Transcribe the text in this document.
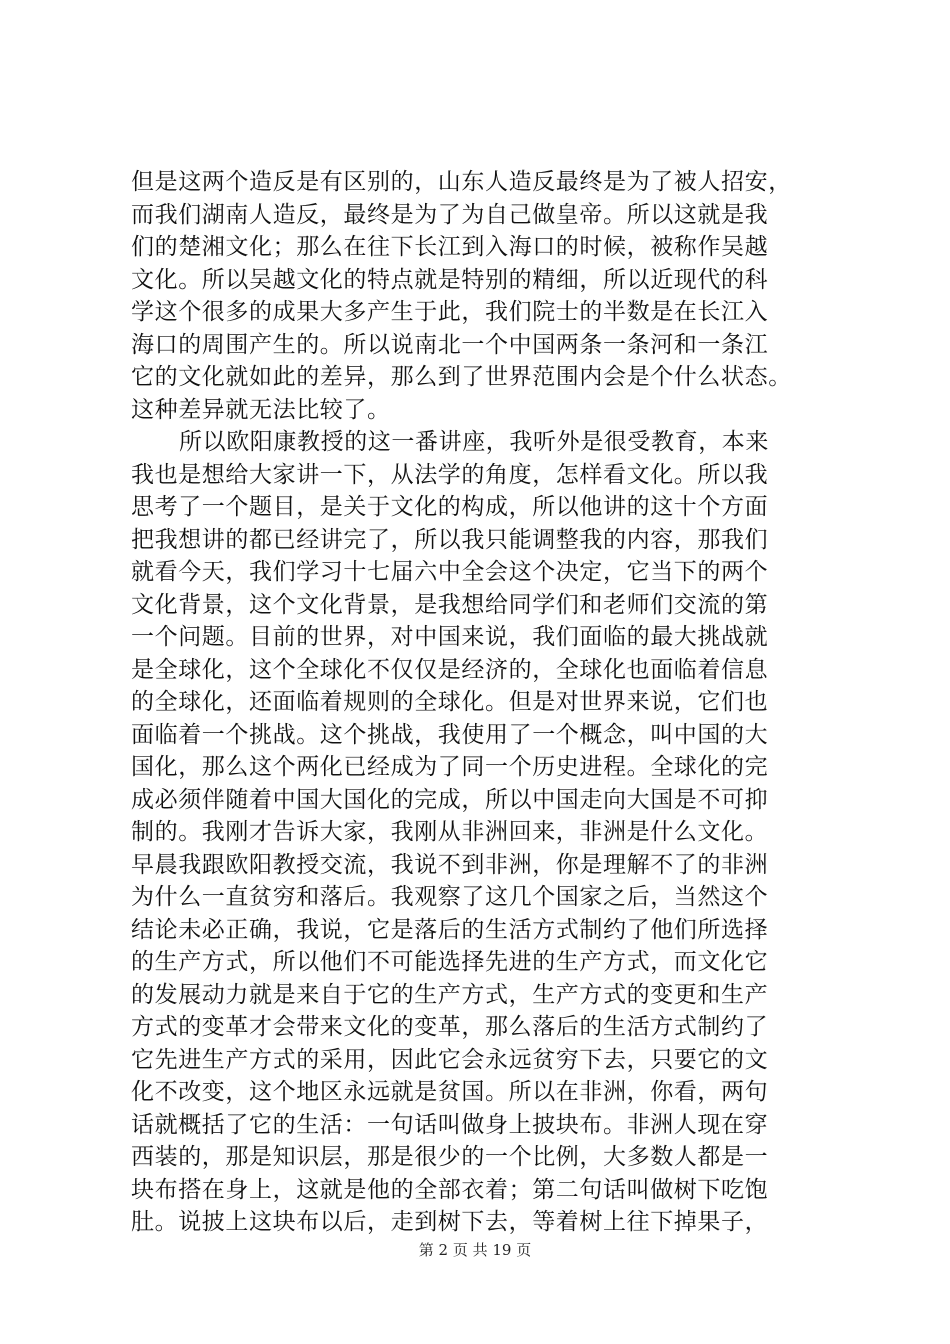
但是这两个造反是有区别的，山东人造反最终是为了被人招安，
而我们湖南人造反，最终是为了为自己做皇帝。所以这就是我
们的楚湘文化；那么在往下长江到入海口的时候，被称作吴越
文化。所以吴越文化的特点就是特别的精细，所以近现代的科
学这个很多的成果大多产生于此，我们院士的半数是在长江入
海口的周围产生的。所以说南北一个中国两条一条河和一条江
它的文化就如此的差异，那么到了世界范围内会是个什么状态。
这种差异就无法比较了。
所以欧阳康教授的这一番讲座，我听外是很受教育，本来
我也是想给大家讲一下，从法学的角度，怎样看文化。所以我
思考了一个题目，是关于文化的构成，所以他讲的这十个方面
把我想讲的都已经讲完了，所以我只能调整我的内容，那我们
就看今天，我们学习十七届六中全会这个决定，它当下的两个
文化背景，这个文化背景，是我想给同学们和老师们交流的第
一个问题。目前的世界，对中国来说，我们面临的最大挑战就
是全球化，这个全球化不仅仅是经济的，全球化也面临着信息
的全球化，还面临着规则的全球化。但是对世界来说，它们也
面临着一个挑战。这个挑战，我使用了一个概念，叫中国的大
国化，那么这个两化已经成为了同一个历史进程。全球化的完
成必须伴随着中国大国化的完成，所以中国走向大国是不可抑
制的。我刚才告诉大家，我刚从非洲回来，非洲是什么文化。
早晨我跟欧阳教授交流，我说不到非洲，你是理解不了的非洲
为什么一直贫穷和落后。我观察了这几个国家之后，当然这个
结论未必正确，我说，它是落后的生活方式制约了他们所选择
的生产方式，所以他们不可能选择先进的生产方式，而文化它
的发展动力就是来自于它的生产方式，生产方式的变更和生产
方式的变革才会带来文化的变革，那么落后的生活方式制约了
它先进生产方式的采用，因此它会永远贫穷下去，只要它的文
化不改变，这个地区永远就是贫国。所以在非洲，你看，两句
话就概括了它的生活：一句话叫做身上披块布。非洲人现在穿
西装的，那是知识层，那是很少的一个比例，大多数人都是一
块布搭在身上，这就是他的全部衣着；第二句话叫做树下吃饱
肚。说披上这块布以后，走到树下去，等着树上往下掉果子，
第 2 页 共 19 页
